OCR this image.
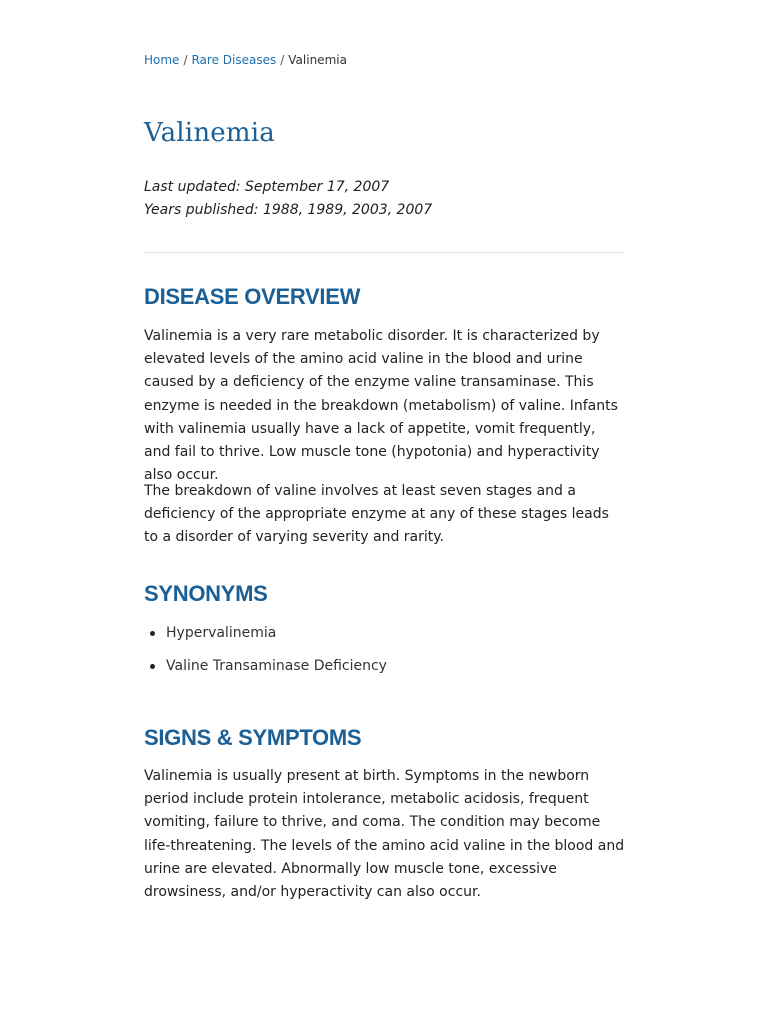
Home / Rare Diseases / Valinemia
Valinemia
Last updated: September 17, 2007
Years published: 1988, 1989, 2003, 2007
DISEASE OVERVIEW

Valinemia is a very rare metabolic disorder. It is characterized by elevated levels of the amino acid valine in the blood and urine caused by a deficiency of the enzyme valine transaminase. This enzyme is needed in the breakdown (metabolism) of valine. Infants with valinemia usually have a lack of appetite, vomit frequently, and fail to thrive. Low muscle tone (hypotonia) and hyperactivity also occur.

The breakdown of valine involves at least seven stages and a deficiency of the appropriate enzyme at any of these stages leads to a disorder of varying severity and rarity.

SYNONYMS
Hypervalinemia
Valine Transaminase Deficiency
SIGNS & SYMPTOMS

Valinemia is usually present at birth. Symptoms in the newborn period include protein intolerance, metabolic acidosis, frequent vomiting, failure to thrive, and coma. The condition may become life-threatening. The levels of the amino acid valine in the blood and urine are elevated. Abnormally low muscle tone, excessive drowsiness, and/or hyperactivity can also occur.
